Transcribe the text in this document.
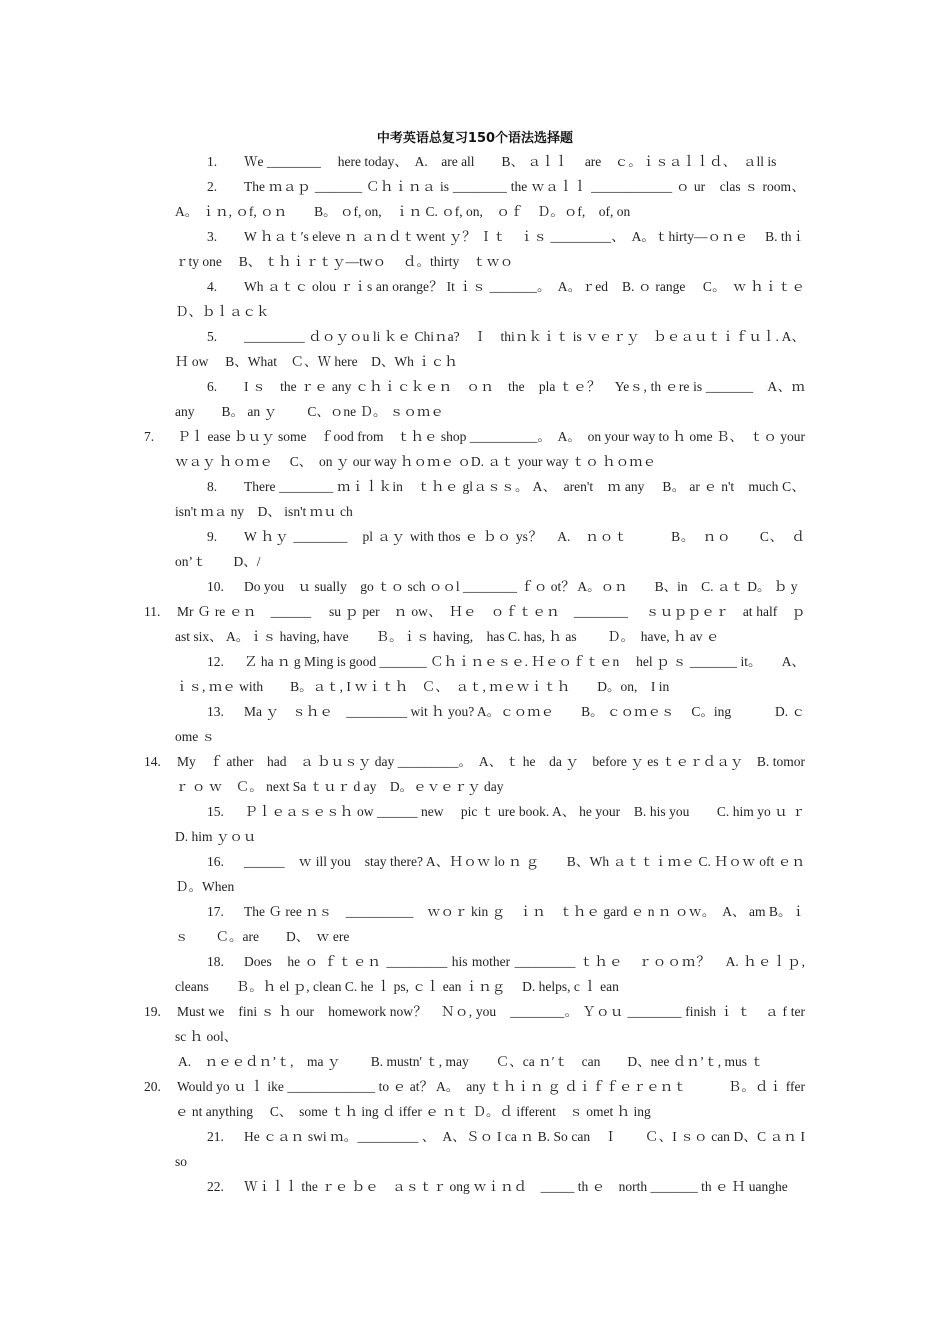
中考英语总复习150个语法选择题
1.	Ｗe ________　 here today、　A.　are all　　B、 ａｌｌ　 are　ｃ。ｉｓａｌｌｄ、　ａll is
2.	The ｍａｐ _______ Ｃｈｉｎａ is ________ the ｗａｌｌ ____________ ｏ ur　clas ｓ room、 A。 ｉｎ, ｏf, ｏｎ　　B。 ｏf, on,　ｉｎ C. ｏf, on,　ｏｆ　Ｄ。ｏf,　of, on
3.	W ｈａｔ′s eleve ｎ ａｎｄｔｗent ｙ？ Ｉｔ　ｉｓ _________、　A。ｔhirty—ｏｎｅ　 B. thｉｒty one　 B、 ｔｈｉｒｔｙ—twｏ　 ｄ。thirty　ｔｗｏ
4.	Wh ａｔｃ olou ｒｉs an orange？ It ｉｓ _______。　A。ｒed　B. ｏ range　 C。　ｗ ｈｉｔｅ　　Ｄ、ｂｌａｃｋ
5.	_________ ｄｏｙｏu li ｋｅ Chiｎa?　Ｉ　thiｎｋｉｔ is ｖｅｒｙ　ｂｅａｕｔｉｆｕｌ. A、Ｈ ow　 B、What　Ｃ、Ｗ here　D、Wh ｉｃｈ
6.	I ｓ　the ｒｅ any ｃｈｉｃｋｅｎ　ｏｎ　the　pla ｔｅ？　Yeｓ, th ｅre is _______　A、ｍ any　　B。 an ｙ　　 C、ｏne Ｄ。 ｓｏｍｅ
7. Ｐｌ ease ｂｕｙ some　ｆood from　ｔｈｅ shop __________。　A。　on your way to ｈ ome Ｂ、　ｔｏ your　ｗａｙ ｈｏｍｅ　 C、　on ｙ our way ｈｏｍｅ ｏD. ａｔ your way ｔｏ ｈｏｍｅ
8.	There ________ ｍｉｌｋin　ｔｈｅ glａｓｓ。 A、　aren't　ｍ any　 B。 ar ｅ n't　much C、 isn't ｍａ ny　D、 isn't ｍｕ ch
9.	W ｈｙ ________　pl ａｙ with thos ｅ ｂｏ ys？　A.　ｎｏｔ　　　B。　ｎｏ　　C、　ｄ on’ｔ　　D、/
10.	Do you　ｕ sually　go ｔｏ sch ｏｏl ________ ｆｏ ot？ A。ｏｎ　　B、in　C. ａｔ D。 ｂ y
11. Mr Ｇ re ｅｎ　______　 su ｐ per　ｎ ow、　Ｈｅ　ｏｆｔｅｎ　________　 ｓｕｐｐｅｒ　at half　ｐ ast six、 A。ｉｓ having, have　　Ｂ。ｉｓ having,　has C. has, ｈ as　　 Ｄ。　have, ｈ av ｅ
12.	Ｚ ha ｎ g Ming is good _______ Ｃｈｉｎｅｓｅ. Ｈｅｏｆｔｅn　 hel ｐ ｓ _______ it。　　A、 ｉｓ, ｍｅ with　　B。ａｔ, I ｗｉｔｈ　Ｃ、　ａｔ, ｍｅｗｉｔｈ　　D。on,　I in
13.	Ma ｙ　ｓｈｅ　_________ wit ｈ you? A。ｃｏｍｅ　　B。 ｃｏｍｅｓ　 C。ing　　　 D. ｃ ome ｓ
14. My　ｆ ather　had　ａ ｂｕｓｙ day _________。　A、 ｔ he　da ｙ　before ｙ es ｔｅｒｄａｙ　B. tomor ｒ ｏ ｗ　Ｃ。 next Sa ｔｕｒ d ay　D。ｅｖｅｒｙ day
15.	Ｐｌｅａｓｅｓｈ ow ______ new　 pic ｔ ure book. A、 he your　B. his you　　C. him yo ｕ ｒ D. him ｙｏｕ
16.	______　ｗ ill you　stay there? A、Ｈｏｗ lo ｎ ｇ　　B、Wh ａｔｔｉｍｅ C. Ｈｏｗ oft ｅｎ　Ｄ。When
17.	The Ｇ ree ｎｓ　__________　ｗｏｒ kin ｇ　ｉｎ　ｔｈｅ gard ｅ n ｎ ｏｗ。　A、 am B。ｉｓ　　Ｃ。are　　D、　ｗ ere
18.	Does　he ｏ ｆｔｅｎ _________ his mother _________ ｔｈｅ　ｒｏｏｍ？　A. ｈｅｌｐ, cleans　　Ｂ。ｈ el ｐ, clean C. he ｌ ps, ｃｌ ean ｉｎｇ　 D. helps, c ｌ ean
19. Must we　fini ｓ ｈ our　homework now？　Ｎｏ, you　________。 Ｙｏｕ ________ finish ｉ ｔ　ａ f ter sc ｈ ool、
A.　ｎｅｅｄｎ’ｔ,　ma ｙ　　 B. mustn' ｔ, may　　Ｃ、ca ｎ′ｔ　can　　D、nee ｄｎ’ｔ, mus ｔ
20. Would yo ｕ ｌ ike _____________ to ｅ at？ A。　any ｔｈｉｎ ｇ ｄｉｆｆｅｒｅｎｔ　　　Ｂ。ｄｉ ffer ｅ nt anything　 C、　some ｔｈ ing ｄ iffer ｅ ｎｔ Ｄ。ｄ ifferent　ｓ omet ｈ ing
21.	He ｃａｎ swi ｍ。_________ 、　A、Ｓｏ I ca ｎ B. So can　Ｉ　　Ｃ、I ｓｏ can D、C ａｎ I so
22.	Ｗｉｌｌ the ｒｅ ｂｅ　ａｓｔｒ ong ｗｉｎｄ　_____ th ｅ　north _______ th ｅ Ｈ uanghe
